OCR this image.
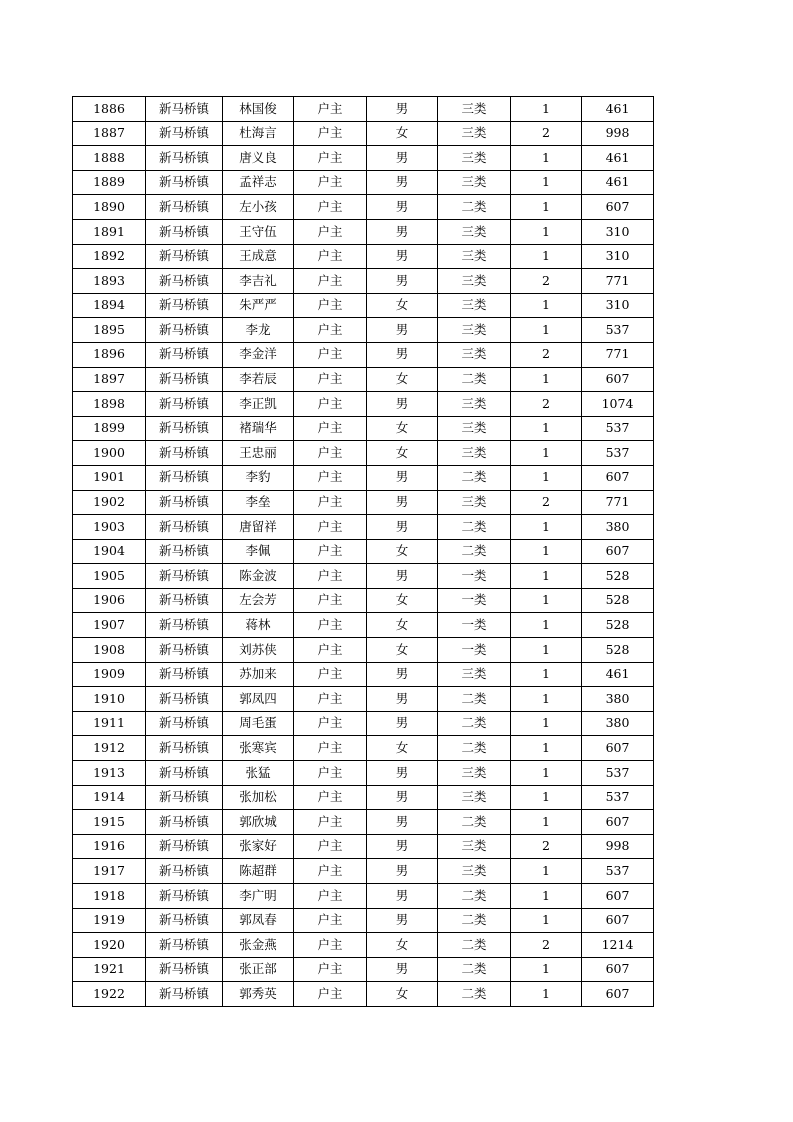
1886	新马桥镇	林国俊	户主	男	三类	1	461
1887	新马桥镇	杜海言	户主	女	三类	2	998
1888	新马桥镇	唐义良	户主	男	三类	1	461
1889	新马桥镇	孟祥志	户主	男	三类	1	461
1890	新马桥镇	左小孩	户主	男	二类	1	607
1891	新马桥镇	王守伍	户主	男	三类	1	310
1892	新马桥镇	王成意	户主	男	三类	1	310
1893	新马桥镇	李吉礼	户主	男	三类	2	771
1894	新马桥镇	朱严严	户主	女	三类	1	310
1895	新马桥镇	李龙	户主	男	三类	1	537
1896	新马桥镇	李金洋	户主	男	三类	2	771
1897	新马桥镇	李若辰	户主	女	二类	1	607
1898	新马桥镇	李正凯	户主	男	三类	2	1074
1899	新马桥镇	褚瑞华	户主	女	三类	1	537
1900	新马桥镇	王忠丽	户主	女	三类	1	537
1901	新马桥镇	李豹	户主	男	二类	1	607
1902	新马桥镇	李垒	户主	男	三类	2	771
1903	新马桥镇	唐留祥	户主	男	二类	1	380
1904	新马桥镇	李佩	户主	女	二类	1	607
1905	新马桥镇	陈金波	户主	男	一类	1	528
1906	新马桥镇	左会芳	户主	女	一类	1	528
1907	新马桥镇	蒋林	户主	女	一类	1	528
1908	新马桥镇	刘苏侠	户主	女	一类	1	528
1909	新马桥镇	苏加来	户主	男	三类	1	461
1910	新马桥镇	郭凤四	户主	男	二类	1	380
1911	新马桥镇	周毛蛋	户主	男	二类	1	380
1912	新马桥镇	张寒宾	户主	女	二类	1	607
1913	新马桥镇	张猛	户主	男	三类	1	537
1914	新马桥镇	张加松	户主	男	三类	1	537
1915	新马桥镇	郭欣城	户主	男	二类	1	607
1916	新马桥镇	张家好	户主	男	三类	2	998
1917	新马桥镇	陈超群	户主	男	三类	1	537
1918	新马桥镇	李广明	户主	男	二类	1	607
1919	新马桥镇	郭凤春	户主	男	二类	1	607
1920	新马桥镇	张金燕	户主	女	二类	2	1214
1921	新马桥镇	张正部	户主	男	二类	1	607
1922	新马桥镇	郭秀英	户主	女	二类	1	607
